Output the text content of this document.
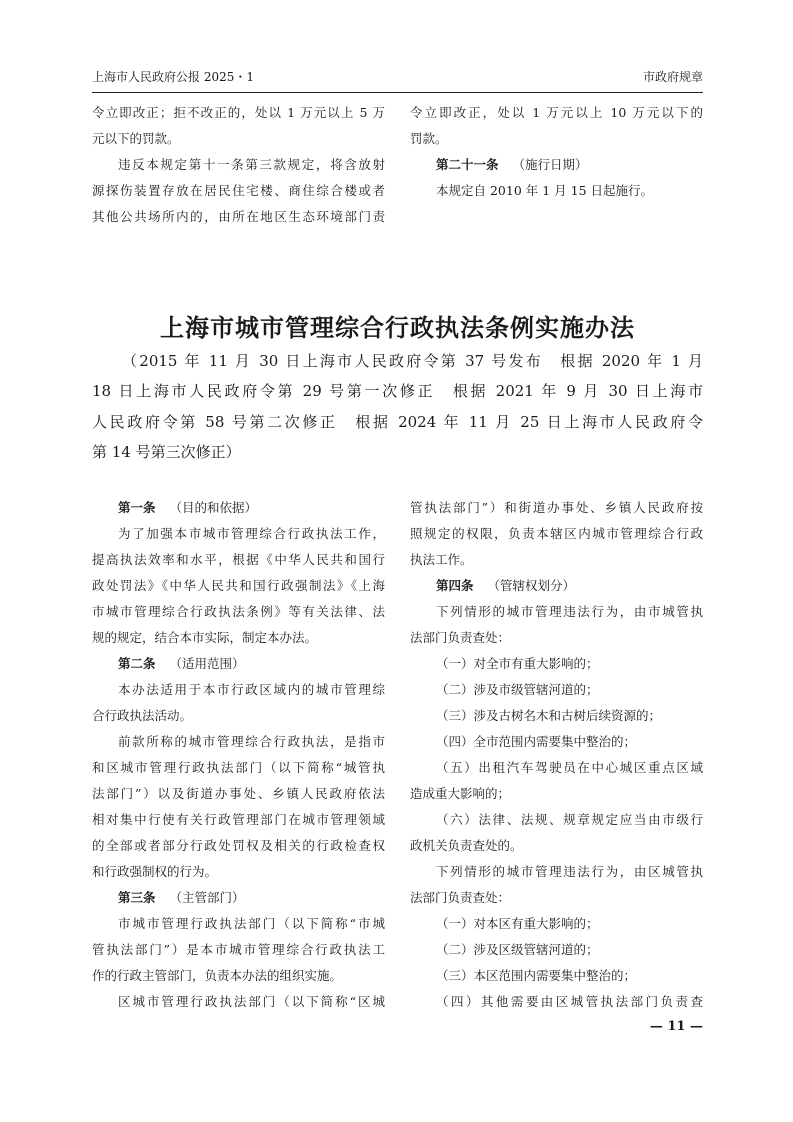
上海市人民政府公报 2025・1	市政府规章
令立即改正；拒不改正的，处以 1 万元以上 5 万
元以下的罚款。
违反本规定第十一条第三款规定，将含放射
源探伤装置存放在居民住宅楼、商住综合楼或者
其他公共场所内的，由所在地区生态环境部门责
令立即改正，处以 1 万元以上 10 万元以下的
罚款。
第二十一条 （施行日期）
本规定自 2010 年 1 月 15 日起施行。
上海市城市管理综合行政执法条例实施办法
（2015 年 11 月 30 日上海市人民政府令第 37 号发布　根据 2020 年 1 月
18 日上海市人民政府令第 29 号第一次修正　根据 2021 年 9 月 30 日上海市
人民政府令第 58 号第二次修正　根据 2024 年 11 月 25 日上海市人民政府令
第 14 号第三次修正）
第一条 （目的和依据）
为了加强本市城市管理综合行政执法工作，
提高执法效率和水平，根据《中华人民共和国行
政处罚法》《中华人民共和国行政强制法》《上海
市城市管理综合行政执法条例》等有关法律、法
规的规定，结合本市实际，制定本办法。
第二条 （适用范围）
本办法适用于本市行政区域内的城市管理综
合行政执法活动。
前款所称的城市管理综合行政执法，是指市
和区城市管理行政执法部门（以下简称“城管执
法部门”）以及街道办事处、乡镇人民政府依法
相对集中行使有关行政管理部门在城市管理领域
的全部或者部分行政处罚权及相关的行政检查权
和行政强制权的行为。
第三条 （主管部门）
市城市管理行政执法部门（以下简称“市城
管执法部门”）是本市城市管理综合行政执法工
作的行政主管部门，负责本办法的组织实施。
区城市管理行政执法部门（以下简称“区城
管执法部门”）和街道办事处、乡镇人民政府按
照规定的权限，负责本辖区内城市管理综合行政
执法工作。
第四条 （管辖权划分）
下列情形的城市管理违法行为，由市城管执
法部门负责查处：
（一）对全市有重大影响的；
（二）涉及市级管辖河道的；
（三）涉及古树名木和古树后续资源的；
（四）全市范围内需要集中整治的；
（五）出租汽车驾驶员在中心城区重点区域
造成重大影响的；
（六）法律、法规、规章规定应当由市级行
政机关负责查处的。
下列情形的城市管理违法行为，由区城管执
法部门负责查处：
（一）对本区有重大影响的；
（二）涉及区级管辖河道的；
（三）本区范围内需要集中整治的；
（四）其他需要由区城管执法部门负责查
— 11 —
